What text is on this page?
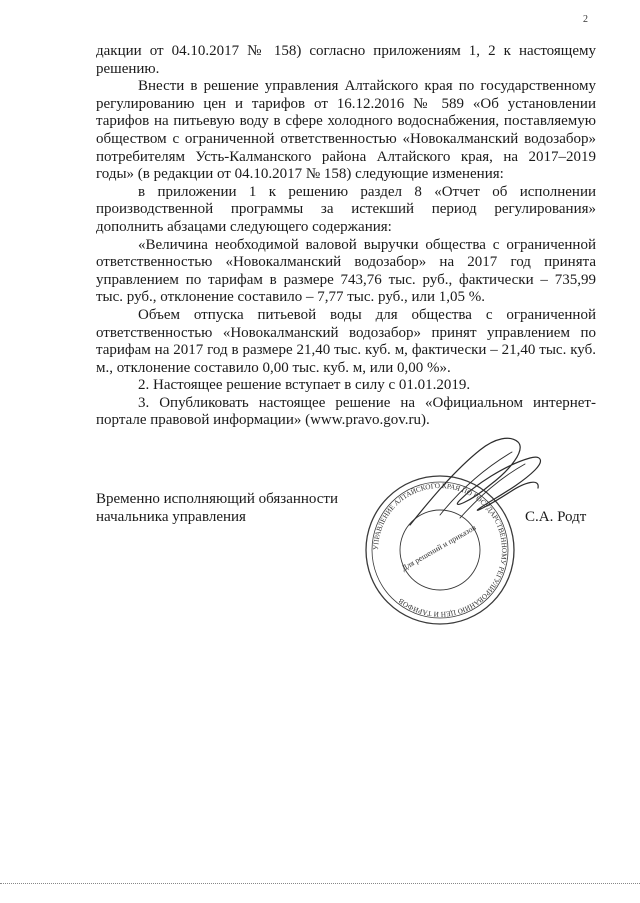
2

дакции от 04.10.2017 № 158) согласно приложениям 1, 2 к настоящему решению.

Внести в решение управления Алтайского края по государственному регулированию цен и тарифов от 16.12.2016 № 589 «Об установлении тарифов на питьевую воду в сфере холодного водоснабжения, поставляемую обществом с ограниченной ответственностью «Новокалманский водозабор» потребителям Усть-Калманского района Алтайского края, на 2017–2019 годы» (в редакции от 04.10.2017 № 158) следующие изменения:

в приложении 1 к решению раздел 8 «Отчет об исполнении производственной программы за истекший период регулирования» дополнить абзацами следующего содержания:

«Величина необходимой валовой выручки общества с ограниченной ответственностью «Новокалманский водозабор» на 2017 год принята управлением по тарифам в размере 743,76 тыс. руб., фактически – 735,99 тыс. руб., отклонение составило – 7,77 тыс. руб., или 1,05 %.

Объем отпуска питьевой воды для общества с ограниченной ответственностью «Новокалманский водозабор» принят управлением по тарифам на 2017 год в размере 21,40 тыс. куб. м, фактически – 21,40 тыс. куб. м., отклонение составило 0,00 тыс. куб. м, или 0,00 %».

2. Настоящее решение вступает в силу с 01.01.2019.

3. Опубликовать настоящее решение на «Официальном интернет-портале правовой информации» (www.pravo.gov.ru).

Временно исполняющий обязанности начальника управления	С.А. Родт
УПРАВЛЕНИЕ АЛТАЙСКОГО КРАЯ ПО ГОСУДАРСТВЕННОМУ РЕГУЛИРОВАНИЮ ЦЕН И ТАРИФОВ
Для решений и приказов
